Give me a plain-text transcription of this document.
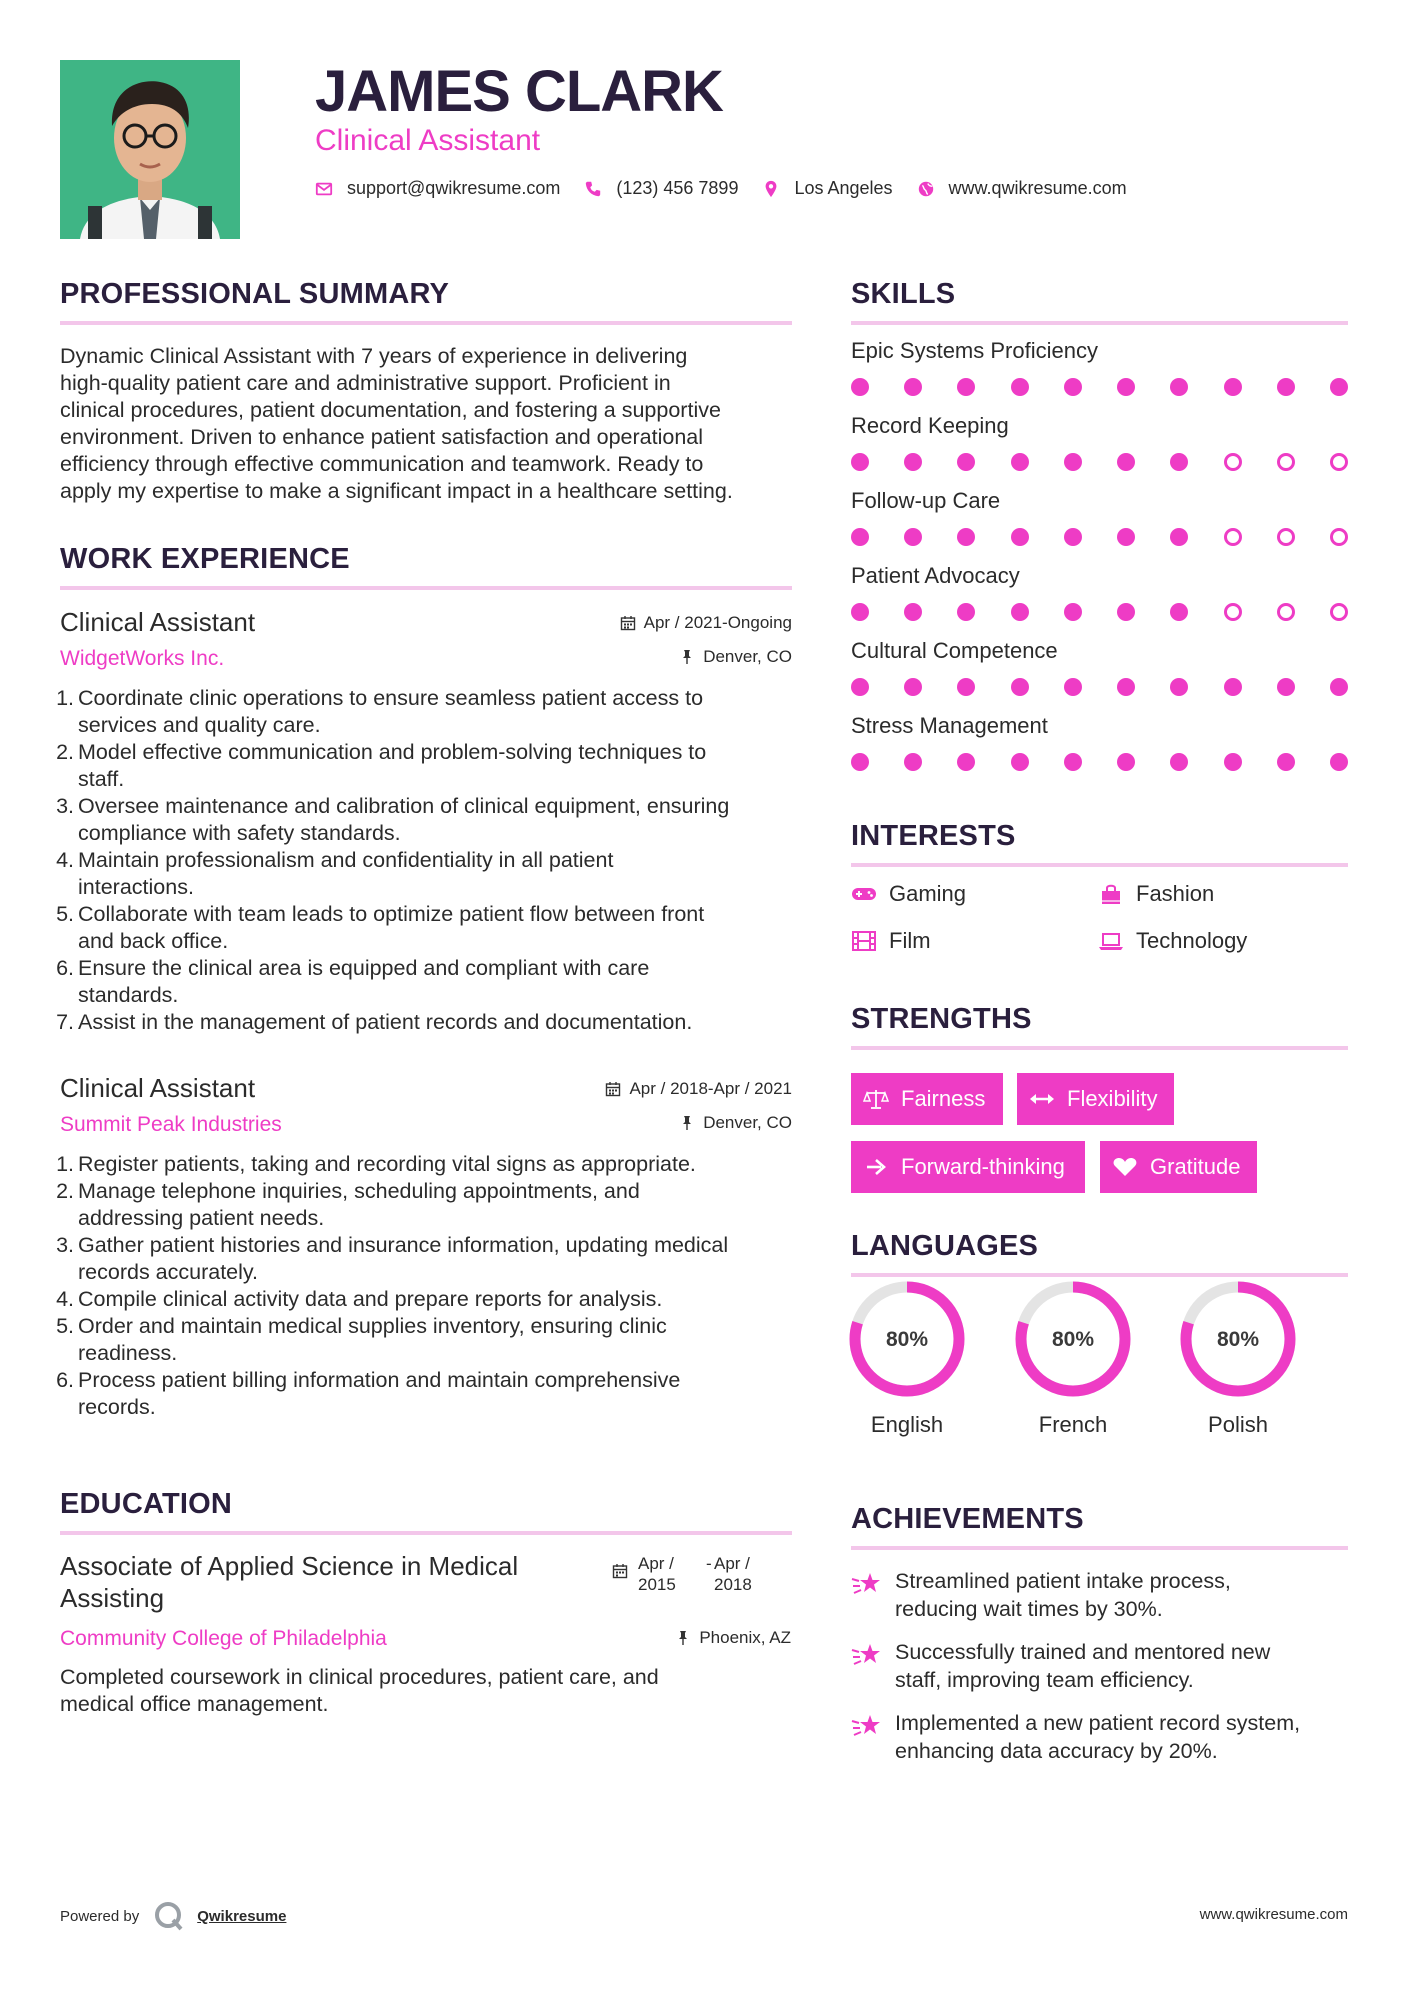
JAMES CLARK
Clinical Assistant
support@qwikresume.com	(123) 456 7899	Los Angeles	www.qwikresume.com
PROFESSIONAL SUMMARY
Dynamic Clinical Assistant with 7 years of experience in delivering
high-quality patient care and administrative support. Proficient in
clinical procedures, patient documentation, and fostering a supportive
environment. Driven to enhance patient satisfaction and operational
efficiency through effective communication and teamwork. Ready to
apply my expertise to make a significant impact in a healthcare setting.
WORK EXPERIENCE
Clinical Assistant
WidgetWorks Inc.
Apr / 2021-Ongoing
Denver, CO
1. Coordinate clinic operations to ensure seamless patient access to
services and quality care.
2. Model effective communication and problem-solving techniques to
staff.
3. Oversee maintenance and calibration of clinical equipment, ensuring
compliance with safety standards.
4. Maintain professionalism and confidentiality in all patient
interactions.
5. Collaborate with team leads to optimize patient flow between front
and back office.
6. Ensure the clinical area is equipped and compliant with care
standards.
7. Assist in the management of patient records and documentation.
Clinical Assistant
Summit Peak Industries
Apr / 2018-Apr / 2021
Denver, CO
1. Register patients, taking and recording vital signs as appropriate.
2. Manage telephone inquiries, scheduling appointments, and
addressing patient needs.
3. Gather patient histories and insurance information, updating medical
records accurately.
4. Compile clinical activity data and prepare reports for analysis.
5. Order and maintain medical supplies inventory, ensuring clinic
readiness.
6. Process patient billing information and maintain comprehensive
records.
EDUCATION
Associate of Applied Science in Medical
Assisting
Apr /
2015
- Apr /
2018
Community College of Philadelphia	Phoenix, AZ
Completed coursework in clinical procedures, patient care, and
medical office management.
SKILLS
Epic Systems Proficiency
Record Keeping
Follow-up Care
Patient Advocacy
Cultural Competence
Stress Management
INTERESTS
Gaming	Fashion
Film	Technology
STRENGTHS
Fairness	Flexibility
Forward-thinking	Gratitude
LANGUAGES
80%
English
80%
French
80%
Polish
ACHIEVEMENTS
Streamlined patient intake process,
reducing wait times by 30%.
Successfully trained and mentored new
staff, improving team efficiency.
Implemented a new patient record system,
enhancing data accuracy by 20%.
Powered by	Qwikresume	www.qwikresume.com
